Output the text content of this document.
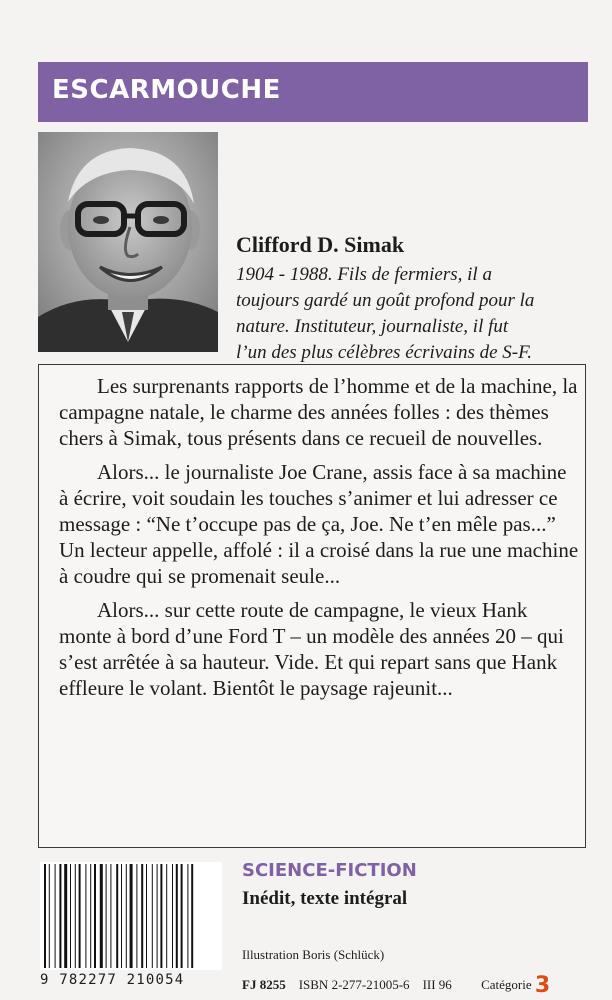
ESCARMOUCHE
Clifford D. Simak
1904 - 1988. Fils de fermiers, il a
toujours gardé un goût profond pour la
nature. Instituteur, journaliste, il fut
l’un des plus célèbres écrivains de S-F.

Les surprenants rapports de l’homme et de la machine, la campagne natale, le charme des années folles : des thèmes chers à Simak, tous présents dans ce recueil de nouvelles.

Alors... le journaliste Joe Crane, assis face à sa machine à écrire, voit soudain les touches s’animer et lui adresser ce message : “Ne t’occupe pas de ça, Joe. Ne t’en mêle pas...” Un lecteur appelle, affolé : il a croisé dans la rue une machine à coudre qui se promenait seule...

Alors... sur cette route de campagne, le vieux Hank monte à bord d’une Ford T – un modèle des années 20 – qui s’est arrêtée à sa hauteur. Vide. Et qui repart sans que Hank effleure le volant. Bientôt le paysage rajeunit...

9 782277 210054
SCIENCE-FICTION
Inédit, texte intégral
Illustration Boris (Schlück)
FJ 8255 ISBN 2-277-21005-6 III 96 Catégorie 3
